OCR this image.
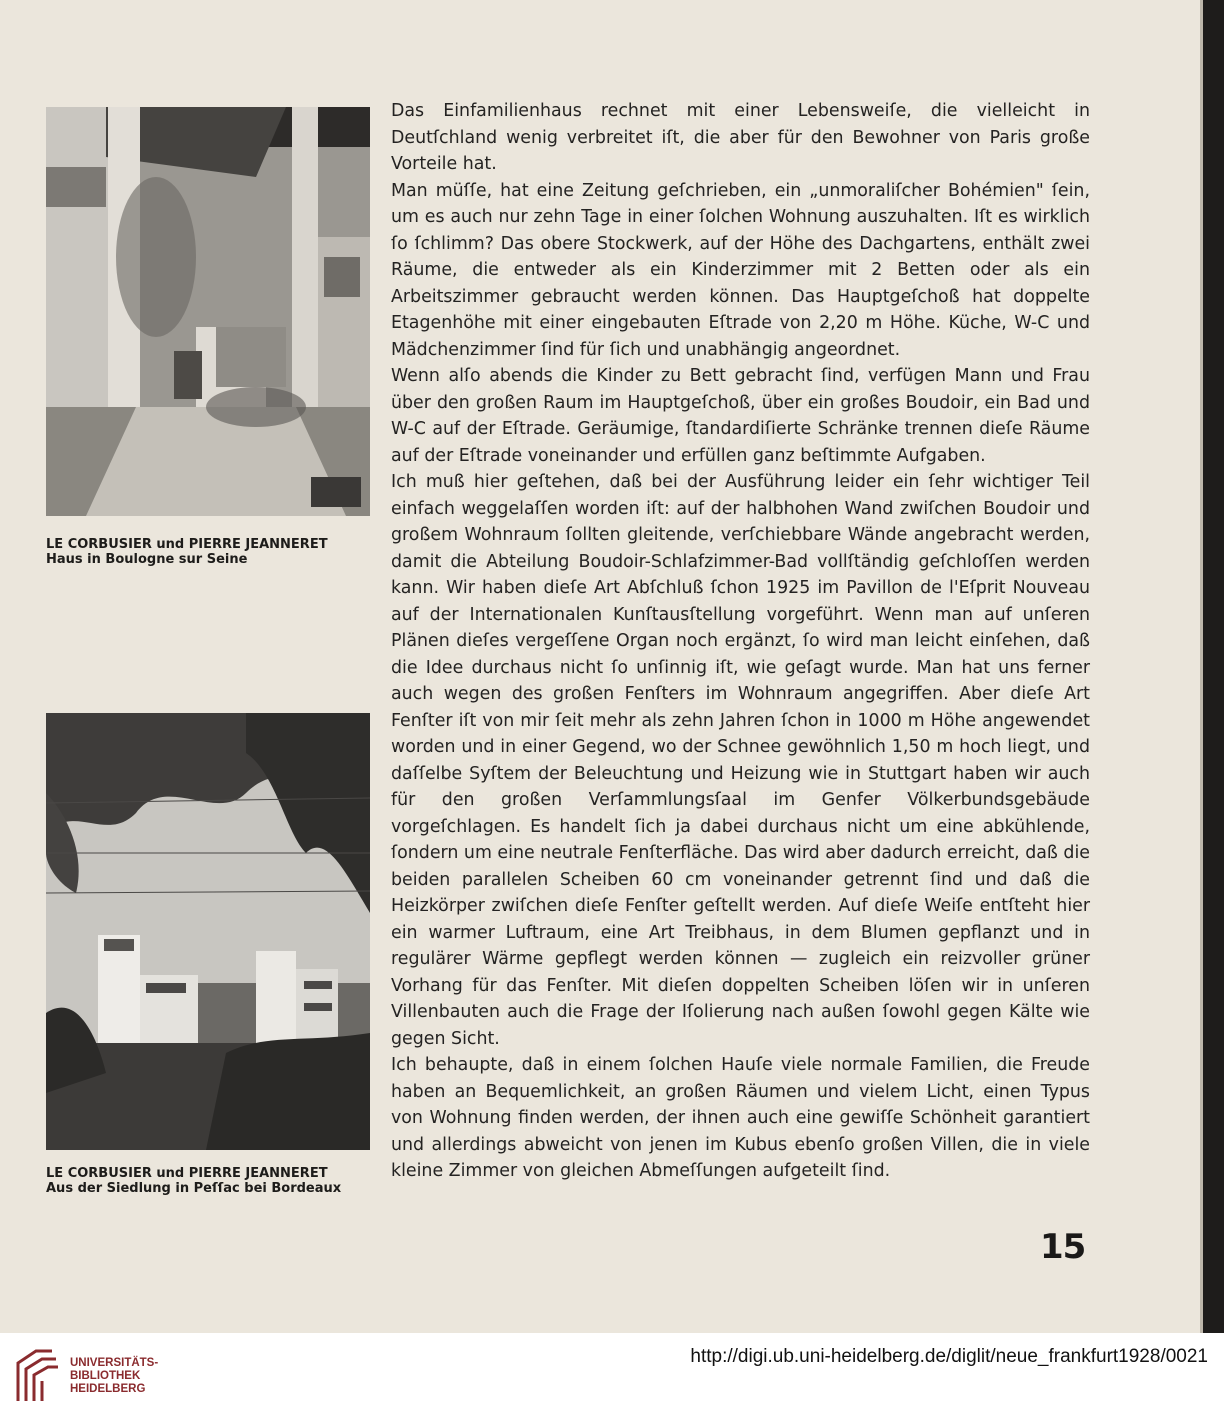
LE CORBUSIER und PIERRE JEANNERET
Haus in Boulogne sur Seine
LE CORBUSIER und PIERRE JEANNERET
Aus der Siedlung in Peſſac bei Bordeaux

Das Einfamilienhaus rechnet mit einer Lebensweiſe, die vielleicht in Deutſchland wenig verbreitet iſt, die aber für den Bewohner von Paris große Vorteile hat.

Man müſſe, hat eine Zeitung geſchrieben, ein „unmoraliſcher Bohémien" ſein, um es auch nur zehn Tage in einer ſolchen Wohnung auszuhalten. Iſt es wirklich ſo ſchlimm? Das obere Stockwerk, auf der Höhe des Dachgartens, enthält zwei Räume, die entweder als ein Kinderzimmer mit 2 Betten oder als ein Arbeitszimmer gebraucht werden können. Das Hauptgeſchoß hat doppelte Etagenhöhe mit einer eingebauten Eſtrade von 2,20 m Höhe. Küche, W-C und Mädchenzimmer ſind für ſich und unabhängig angeordnet.

Wenn alſo abends die Kinder zu Bett gebracht ſind, verfügen Mann und Frau über den großen Raum im Hauptgeſchoß, über ein großes Boudoir, ein Bad und W-C auf der Eſtrade. Geräumige, ſtandardiſierte Schränke trennen dieſe Räume auf der Eſtrade voneinander und erfüllen ganz beſtimmte Aufgaben.

Ich muß hier geſtehen, daß bei der Ausführung leider ein ſehr wichtiger Teil einfach weggelaſſen worden iſt: auf der halbhohen Wand zwiſchen Boudoir und großem Wohnraum ſollten gleitende, verſchiebbare Wände angebracht werden, damit die Abteilung Boudoir-Schlafzimmer-Bad vollſtändig geſchloſſen werden kann. Wir haben dieſe Art Abſchluß ſchon 1925 im Pavillon de l'Eſprit Nouveau auf der Internationalen Kunſtausſtellung vorgeführt. Wenn man auf unſeren Plänen dieſes vergeſſene Organ noch ergänzt, ſo wird man leicht einſehen, daß die Idee durchaus nicht ſo unſinnig iſt, wie geſagt wurde. Man hat uns ferner auch wegen des großen Fenſters im Wohnraum angegriffen. Aber dieſe Art Fenſter iſt von mir ſeit mehr als zehn Jahren ſchon in 1000 m Höhe angewendet worden und in einer Gegend, wo der Schnee gewöhnlich 1,50 m hoch liegt, und daſſelbe Syſtem der Beleuchtung und Heizung wie in Stuttgart haben wir auch für den großen Verſammlungsſaal im Genfer Völkerbundsgebäude vorgeſchlagen. Es handelt ſich ja dabei durchaus nicht um eine abkühlende, ſondern um eine neutrale Fenſterfläche. Das wird aber dadurch erreicht, daß die beiden parallelen Scheiben 60 cm voneinander getrennt ſind und daß die Heizkörper zwiſchen dieſe Fenſter geſtellt werden. Auf dieſe Weiſe entſteht hier ein warmer Luftraum, eine Art Treibhaus, in dem Blumen gepflanzt und in regulärer Wärme gepflegt werden können — zugleich ein reizvoller grüner Vorhang für das Fenſter. Mit dieſen doppelten Scheiben löſen wir in unſeren Villenbauten auch die Frage der Iſolierung nach außen ſowohl gegen Kälte wie gegen Sicht.

Ich behaupte, daß in einem ſolchen Hauſe viele normale Familien, die Freude haben an Bequemlichkeit, an großen Räumen und vielem Licht, einen Typus von Wohnung finden werden, der ihnen auch eine gewiſſe Schönheit garantiert und allerdings abweicht von jenen im Kubus ebenſo großen Villen, die in viele kleine Zimmer von gleichen Abmeſſungen aufgeteilt ſind.

15
UNIVERSITÄTS-
BIBLIOTHEK
HEIDELBERG
http://digi.ub.uni-heidelberg.de/diglit/neue_frankfurt1928/0021
